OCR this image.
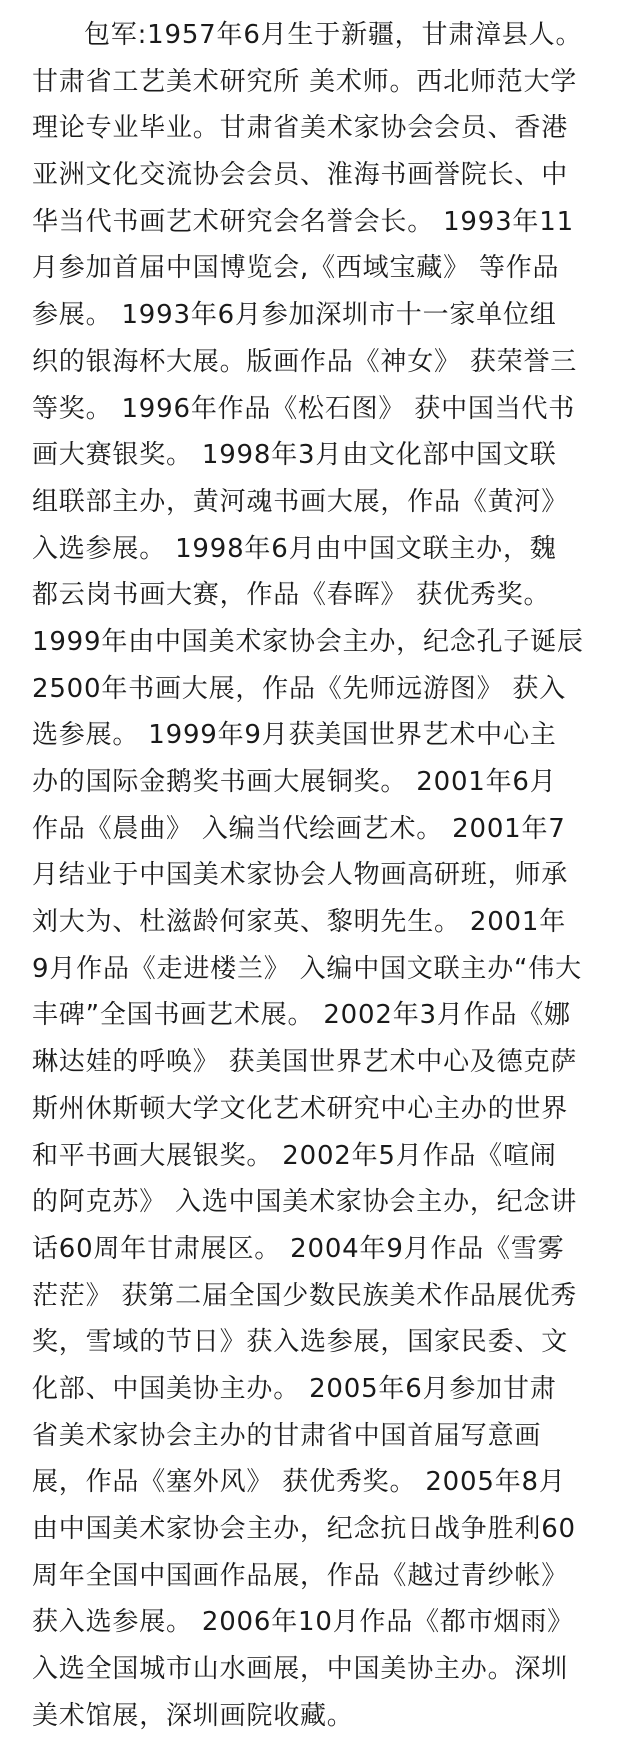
包军:1957年6月生于新疆，甘肃漳县人。
甘肃省工艺美术研究所 美术师。西北师范大学
理论专业毕业。甘肃省美术家协会会员、香港
亚洲文化交流协会会员、淮海书画誉院长、中
华当代书画艺术研究会名誉会长。 1993年11
月参加首届中国博览会,《西域宝藏》 等作品
参展。 1993年6月参加深圳市十一家单位组
织的银海杯大展。版画作品《神女》 获荣誉三
等奖。 1996年作品《松石图》 获中国当代书
画大赛银奖。 1998年3月由文化部中国文联
组联部主办，黄河魂书画大展，作品《黄河》
入选参展。 1998年6月由中国文联主办，魏
都云岗书画大赛，作品《春晖》 获优秀奖。
1999年由中国美术家协会主办，纪念孔子诞辰
2500年书画大展，作品《先师远游图》 获入
选参展。 1999年9月获美国世界艺术中心主
办的国际金鹅奖书画大展铜奖。 2001年6月
作品《晨曲》 入编当代绘画艺术。 2001年7
月结业于中国美术家协会人物画高研班，师承
刘大为、杜滋龄何家英、黎明先生。 2001年
9月作品《走进楼兰》 入编中国文联主办“伟大
丰碑”全国书画艺术展。 2002年3月作品《娜
琳达娃的呼唤》 获美国世界艺术中心及德克萨
斯州休斯顿大学文化艺术研究中心主办的世界
和平书画大展银奖。 2002年5月作品《喧闹
的阿克苏》 入选中国美术家协会主办，纪念讲
话60周年甘肃展区。 2004年9月作品《雪雾
茫茫》 获第二届全国少数民族美术作品展优秀
奖，雪域的节日》获入选参展，国家民委、文
化部、中国美协主办。 2005年6月参加甘肃
省美术家协会主办的甘肃省中国首届写意画
展，作品《塞外风》 获优秀奖。 2005年8月
由中国美术家协会主办，纪念抗日战争胜利60
周年全国中国画作品展，作品《越过青纱帐》
获入选参展。 2006年10月作品《都市烟雨》
入选全国城市山水画展，中国美协主办。深圳
美术馆展，深圳画院收藏。
